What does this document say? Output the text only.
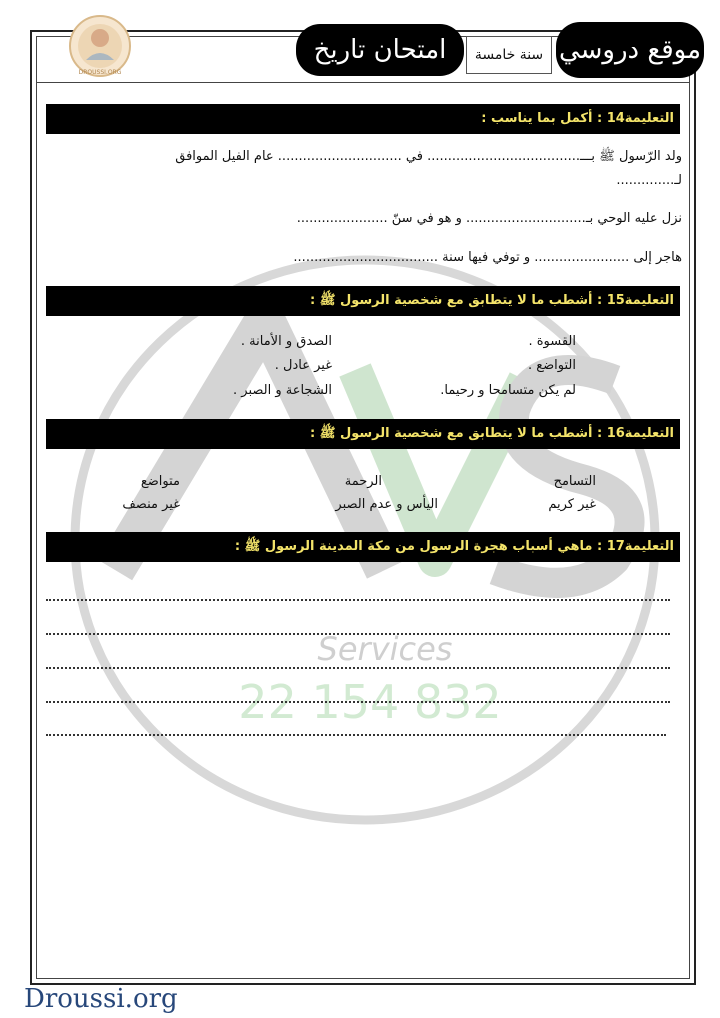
DROUSSI.ORG
Services
22 154 832
موقع دروسي
امتحان تاريخ	سنة خامسة
التعليمة14 : أكمل بما يناسب :
ولد الرّسول ﷺ بـــ..................................... في .............................. عام الفيل الموافق
لـ..............
نزل عليه الوحي بـ............................. و هو في سنّ ......................
هاجر إلى ....................... و توفي فيها سنة ...................................
التعليمة15 : أشطب ما لا يتطابق مع شخصية الرسول ﷺ :
القسوة .
الصدق و الأمانة .
التواضع .
غير عادل .
لم يكن متسامحا و رحيما.
الشجاعة و الصبر .
التعليمة16 : أشطب ما لا يتطابق مع شخصية الرسول ﷺ :
التسامح
الرحمة
متواضع
غير كريم
اليأس و عدم الصبر
غير منصف
التعليمة17 : ماهي أسباب هجرة الرسول من مكة المدينة الرسول ﷺ :
Droussi.org
